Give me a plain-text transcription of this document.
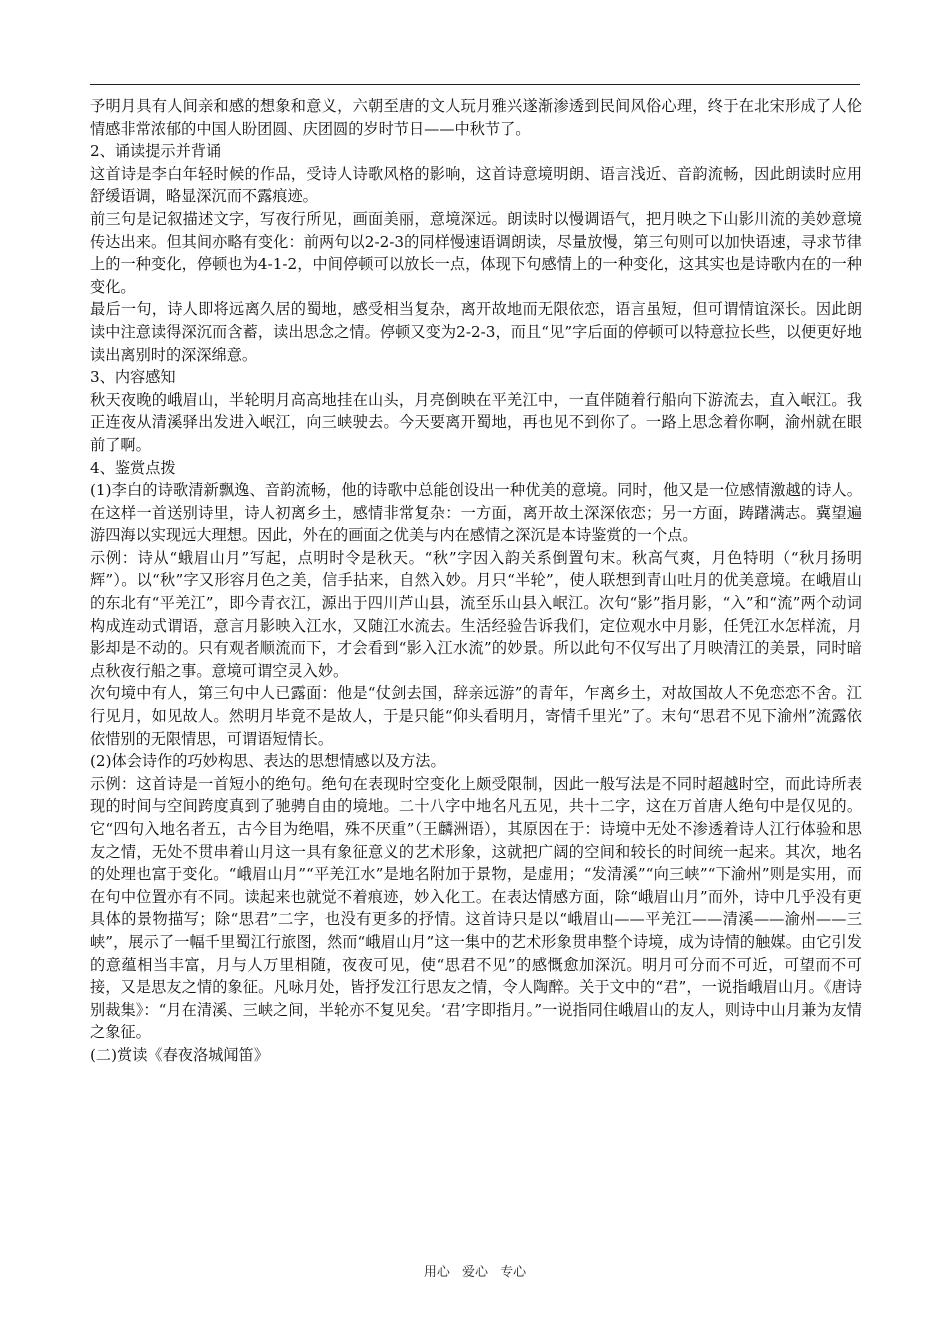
予明月具有人间亲和感的想象和意义，六朝至唐的文人玩月雅兴遂渐渗透到民间风俗心理，终于在北宋形成了人伦情感非常浓郁的中国人盼团圆、庆团圆的岁时节日——中秋节了。

2、诵读提示并背诵

这首诗是李白年轻时候的作品，受诗人诗歌风格的影响，这首诗意境明朗、语言浅近、音韵流畅，因此朗读时应用舒缓语调，略显深沉而不露痕迹。

前三句是记叙描述文字，写夜行所见，画面美丽，意境深远。朗读时以慢调语气，把月映之下山影川流的美妙意境传达出来。但其间亦略有变化：前两句以2-2-3的同样慢速语调朗读，尽量放慢，第三句则可以加快语速，寻求节律上的一种变化，停顿也为4-1-2，中间停顿可以放长一点，体现下句感情上的一种变化，这其实也是诗歌内在的一种变化。

最后一句，诗人即将远离久居的蜀地，感受相当复杂，离开故地而无限依恋，语言虽短，但可谓情谊深长。因此朗读中注意读得深沉而含蓄，读出思念之情。停顿又变为2-2-3，而且“见”字后面的停顿可以特意拉长些，以便更好地读出离别时的深深绵意。

3、内容感知

秋天夜晚的峨眉山，半轮明月高高地挂在山头，月亮倒映在平羌江中，一直伴随着行船向下游流去，直入岷江。我正连夜从清溪驿出发进入岷江，向三峡驶去。今天要离开蜀地，再也见不到你了。一路上思念着你啊，渝州就在眼前了啊。

4、鉴赏点拨

(1)李白的诗歌清新飘逸、音韵流畅，他的诗歌中总能创设出一种优美的意境。同时，他又是一位感情激越的诗人。在这样一首送别诗里，诗人初离乡土，感情非常复杂：一方面，离开故土深深依恋；另一方面，踌躇满志。冀望遍游四海以实现远大理想。因此，外在的画面之优美与内在感情之深沉是本诗鉴赏的一个点。

示例：诗从“蛾眉山月”写起，点明时令是秋天。“秋”字因入韵关系倒置句末。秋高气爽，月色特明（“秋月扬明辉”）。以“秋”字又形容月色之美，信手拈来，自然入妙。月只“半轮”，使人联想到青山吐月的优美意境。在峨眉山的东北有“平羌江”，即今青衣江，源出于四川芦山县，流至乐山县入岷江。次句“影”指月影，“入”和“流”两个动词构成连动式谓语，意言月影映入江水，又随江水流去。生活经验告诉我们，定位观水中月影，任凭江水怎样流，月影却是不动的。只有观者顺流而下，才会看到“影入江水流”的妙景。所以此句不仅写出了月映清江的美景，同时暗点秋夜行船之事。意境可谓空灵入妙。

次句境中有人，第三句中人已露面：他是“仗剑去国，辞亲远游”的青年，乍离乡土，对故国故人不免恋恋不舍。江行见月，如见故人。然明月毕竟不是故人，于是只能“仰头看明月，寄情千里光”了。末句“思君不见下渝州”流露依依惜别的无限情思，可谓语短情长。

(2)体会诗作的巧妙构思、表达的思想情感以及方法。

示例：这首诗是一首短小的绝句。绝句在表现时空变化上颇受限制，因此一般写法是不同时超越时空，而此诗所表现的时间与空间跨度真到了驰骋自由的境地。二十八字中地名凡五见，共十二字，这在万首唐人绝句中是仅见的。它“四句入地名者五，古今目为绝唱，殊不厌重”（王麟洲语），其原因在于：诗境中无处不渗透着诗人江行体验和思友之情，无处不贯串着山月这一具有象征意义的艺术形象，这就把广阔的空间和较长的时间统一起来。其次，地名的处理也富于变化。“峨眉山月”“平羌江水”是地名附加于景物，是虚用；“发清溪”“向三峡”“下渝州”则是实用，而在句中位置亦有不同。读起来也就觉不着痕迹，妙入化工。在表达情感方面，除“峨眉山月”而外，诗中几乎没有更具体的景物描写；除“思君”二字，也没有更多的抒情。这首诗只是以“峨眉山——平羌江——清溪——渝州——三峡”，展示了一幅千里蜀江行旅图，然而“峨眉山月”这一集中的艺术形象贯串整个诗境，成为诗情的触媒。由它引发的意蕴相当丰富，月与人万里相随，夜夜可见，使“思君不见”的感慨愈加深沉。明月可分而不可近，可望而不可接，又是思友之情的象征。凡咏月处，皆抒发江行思友之情，令人陶醉。关于文中的“君”，一说指峨眉山月。《唐诗别裁集》：“月在清溪、三峡之间，半轮亦不复见矣。‘君’字即指月。”一说指同住峨眉山的友人，则诗中山月兼为友情之象征。

(二)赏读《春夜洛城闻笛》

用心 爱心 专心
